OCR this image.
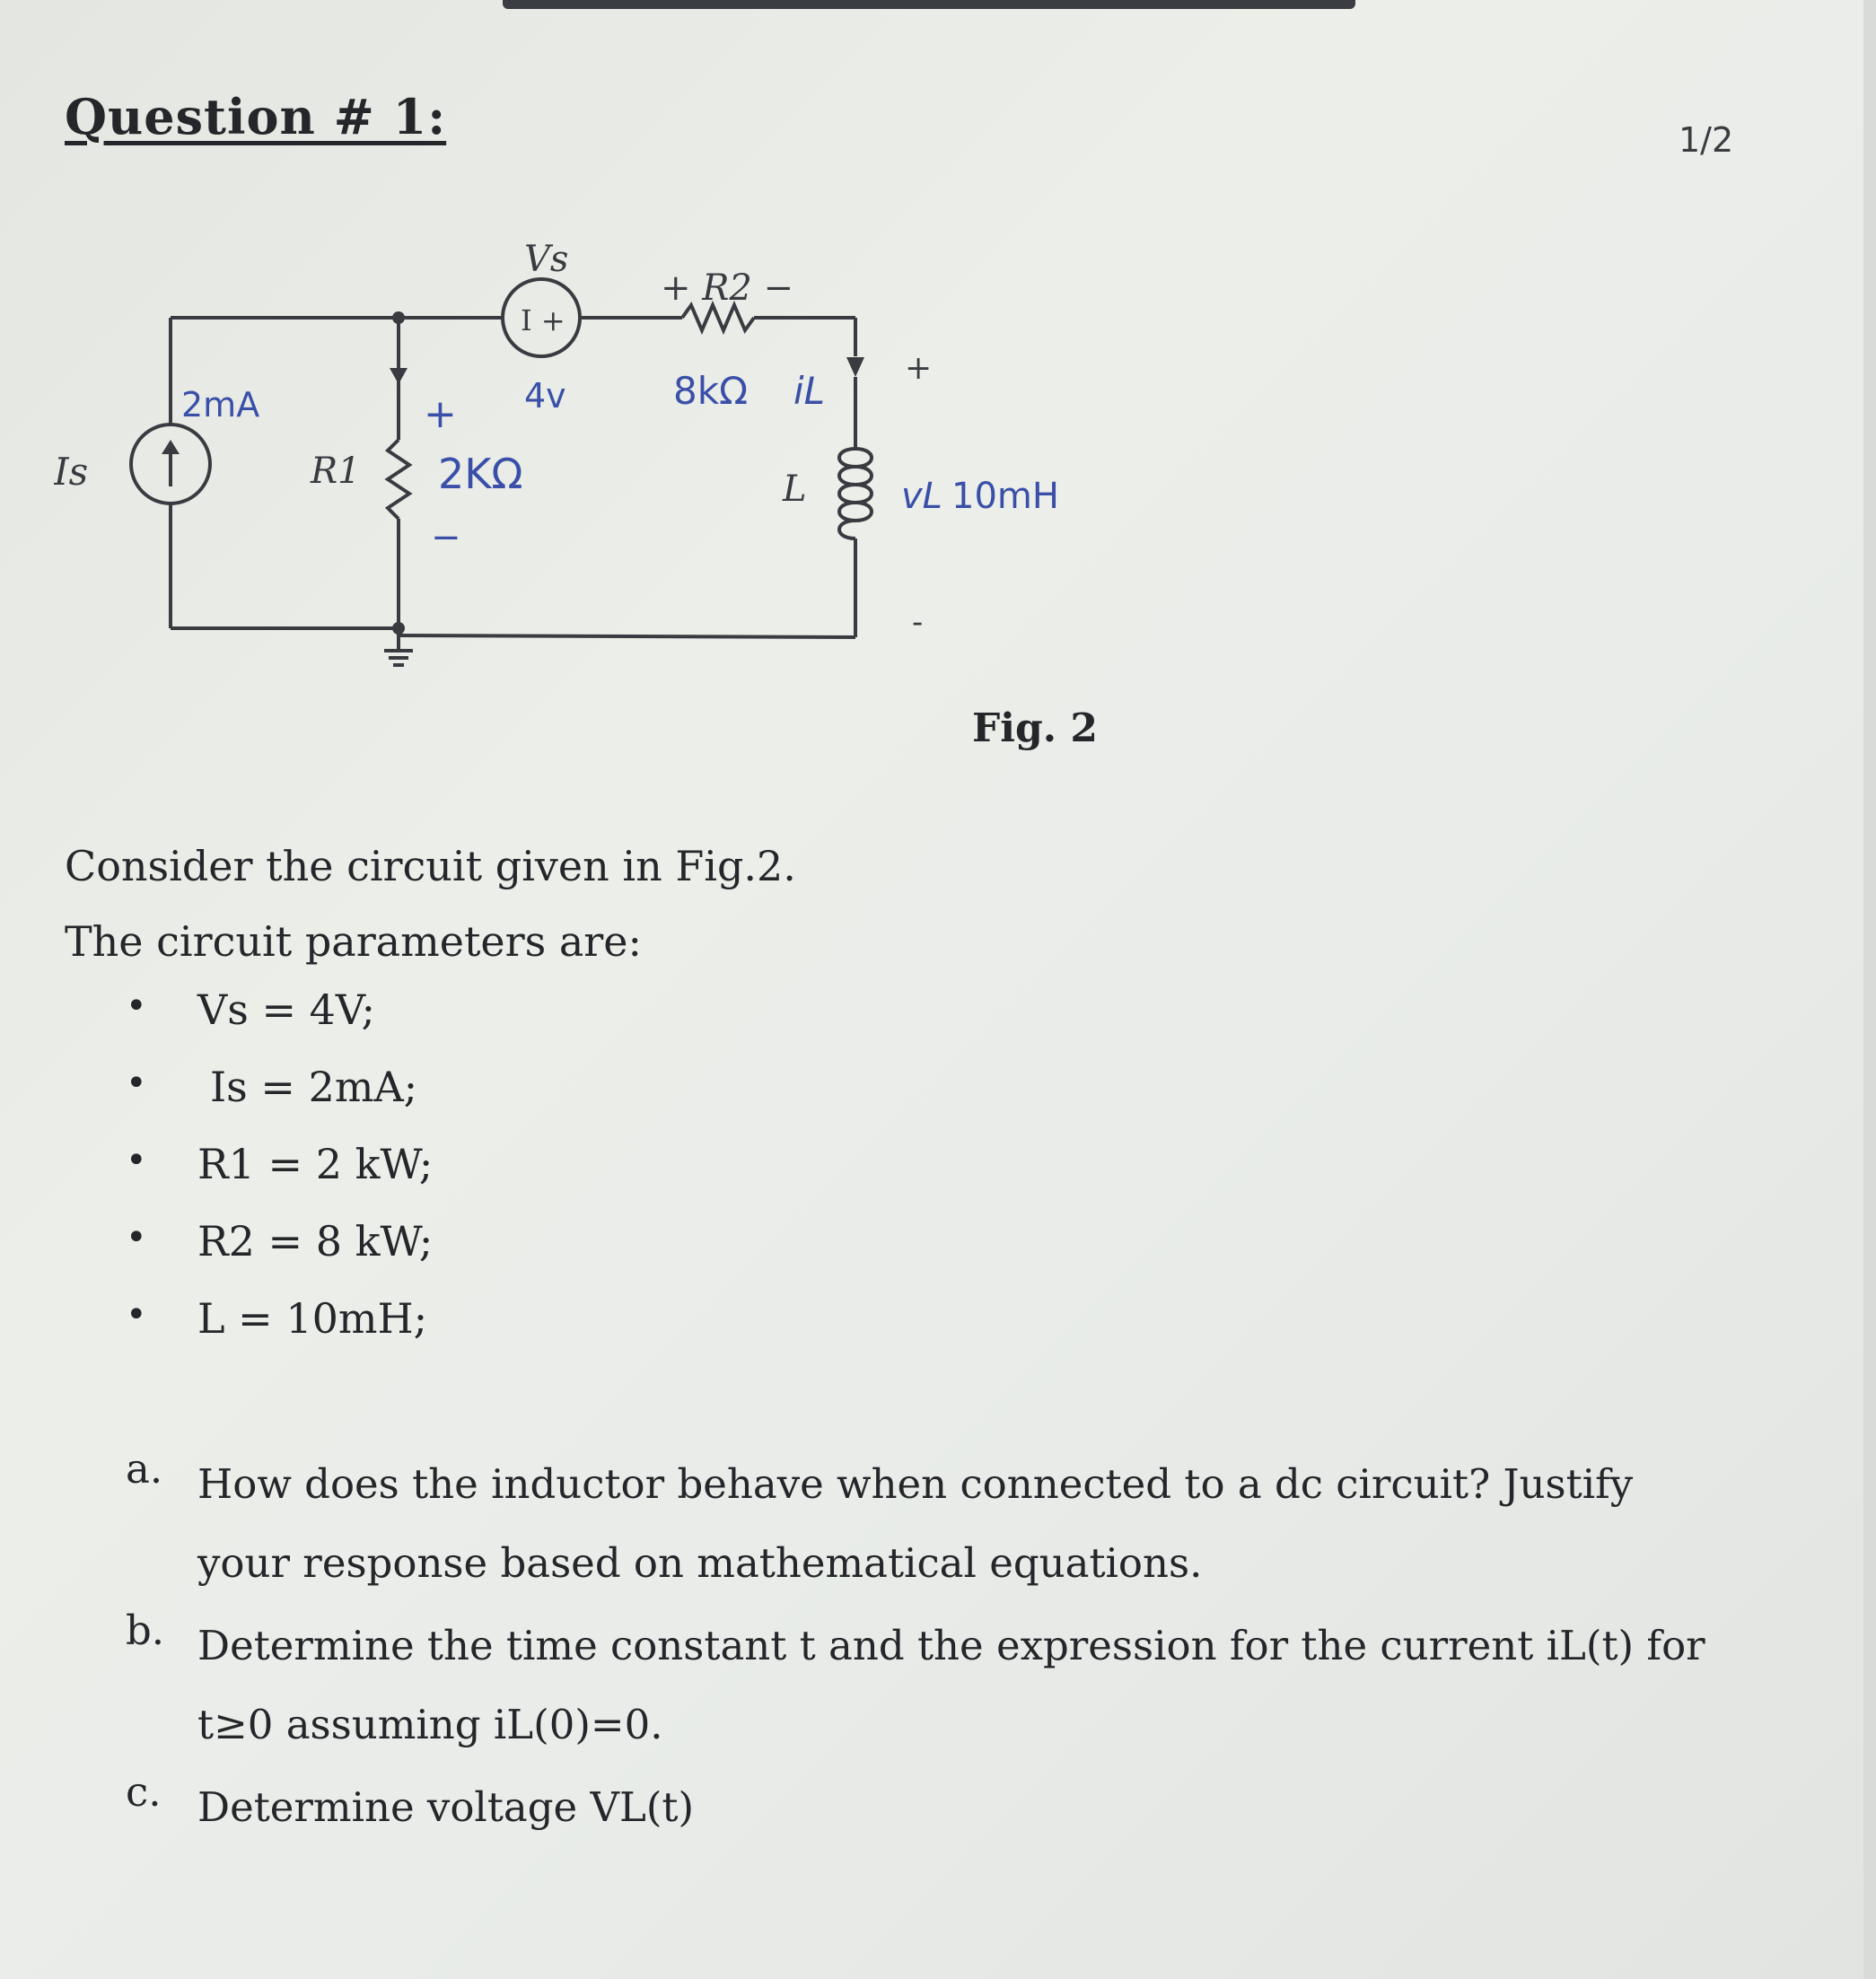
Question # 1:	1/2
Is	R1
Vs
I +
+ R2 −
L
+
-
2mA	+
2KΩ
−
4v	8kΩ iL
vL 10mH
Fig. 2
Consider the circuit given in Fig.2.
The circuit parameters are:
•	Vs = 4V;
•	Is = 2mA;
•	R1 = 2 kW;
•	R2 = 8 kW;
•	L = 10mH;
a. How does the inductor behave when connected to a dc circuit? Justify your response based on mathematical equations.
b. Determine the time constant t and the expression for the current iL(t) for t≥0 assuming iL(0)=0.
c. Determine voltage VL(t)
